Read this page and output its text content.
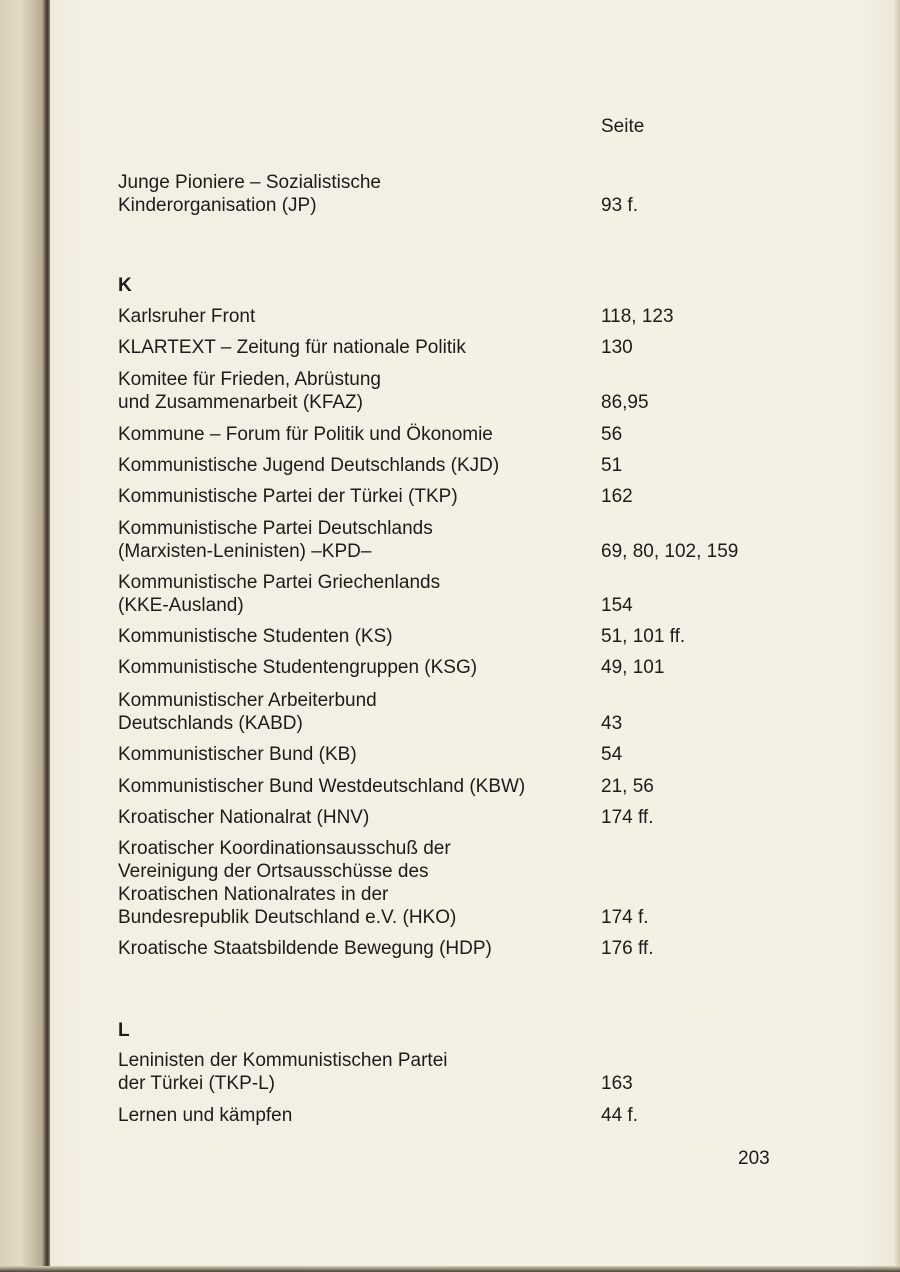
Seite
Junge Pioniere – Sozialistische
Kinderorganisation (JP)	93 f.
K
Karlsruher Front	118, 123
KLARTEXT – Zeitung für nationale Politik	130
Komitee für Frieden, Abrüstung
und Zusammenarbeit (KFAZ)	86,95
Kommune – Forum für Politik und Ökonomie	56
Kommunistische Jugend Deutschlands (KJD)	51
Kommunistische Partei der Türkei (TKP)	162
Kommunistische Partei Deutschlands
(Marxisten-Leninisten) –KPD–	69, 80, 102, 159
Kommunistische Partei Griechenlands
(KKE-Ausland)	154
Kommunistische Studenten (KS)	51, 101 ff.
Kommunistische Studentengruppen (KSG)	49, 101
Kommunistischer Arbeiterbund
Deutschlands (KABD)	43
Kommunistischer Bund (KB)	54
Kommunistischer Bund Westdeutschland (KBW)	21, 56
Kroatischer Nationalrat (HNV)	174 ff.
Kroatischer Koordinationsausschuß der
Vereinigung der Ortsausschüsse des
Kroatischen Nationalrates in der
Bundesrepublik Deutschland e.V. (HKO)	174 f.
Kroatische Staatsbildende Bewegung (HDP)	176 ff.
L
Leninisten der Kommunistischen Partei
der Türkei (TKP-L)	163
Lernen und kämpfen	44 f.
203
